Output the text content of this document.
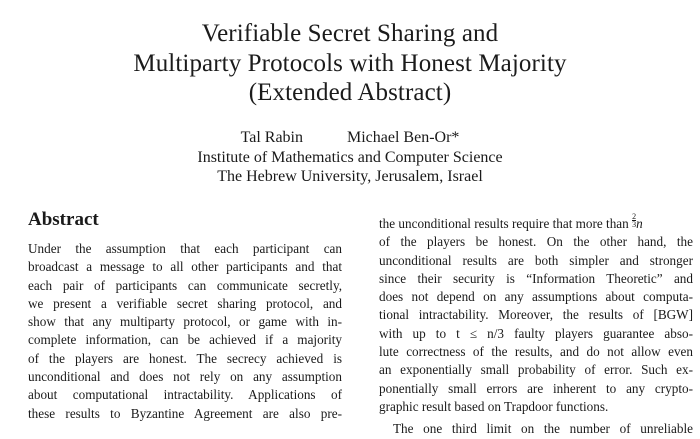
Verifiable Secret Sharing and
Multiparty Protocols with Honest Majority
(Extended Abstract)
Tal Rabin	Michael Ben-Or*
Institute of Mathematics and Computer Science
The Hebrew University, Jerusalem, Israel
Abstract
Under the assumption that each participant can
broadcast a message to all other participants and that
each pair of participants can communicate secretly,
we present a verifiable secret sharing protocol, and
show that any multiparty protocol, or game with in-
complete information, can be achieved if a majority
of the players are honest. The secrecy achieved is
unconditional and does not rely on any assumption
about computational intractability. Applications of
these results to Byzantine Agreement are also pre-
the unconditional results require that more than $\frac{2}{3}$ n
of the players be honest. On the other hand, the
unconditional results are both simpler and stronger
since their security is “Information Theoretic” and
does not depend on any assumptions about computa-
tional intractability. Moreover, the results of [BGW]
with up to t ≤ n/3 faulty players guarantee abso-
lute correctness of the results, and do not allow even
an exponentially small probability of error. Such ex-
ponentially small errors are inherent to any crypto-
graphic result based on Trapdoor functions.
The one third limit on the number of unreliable
